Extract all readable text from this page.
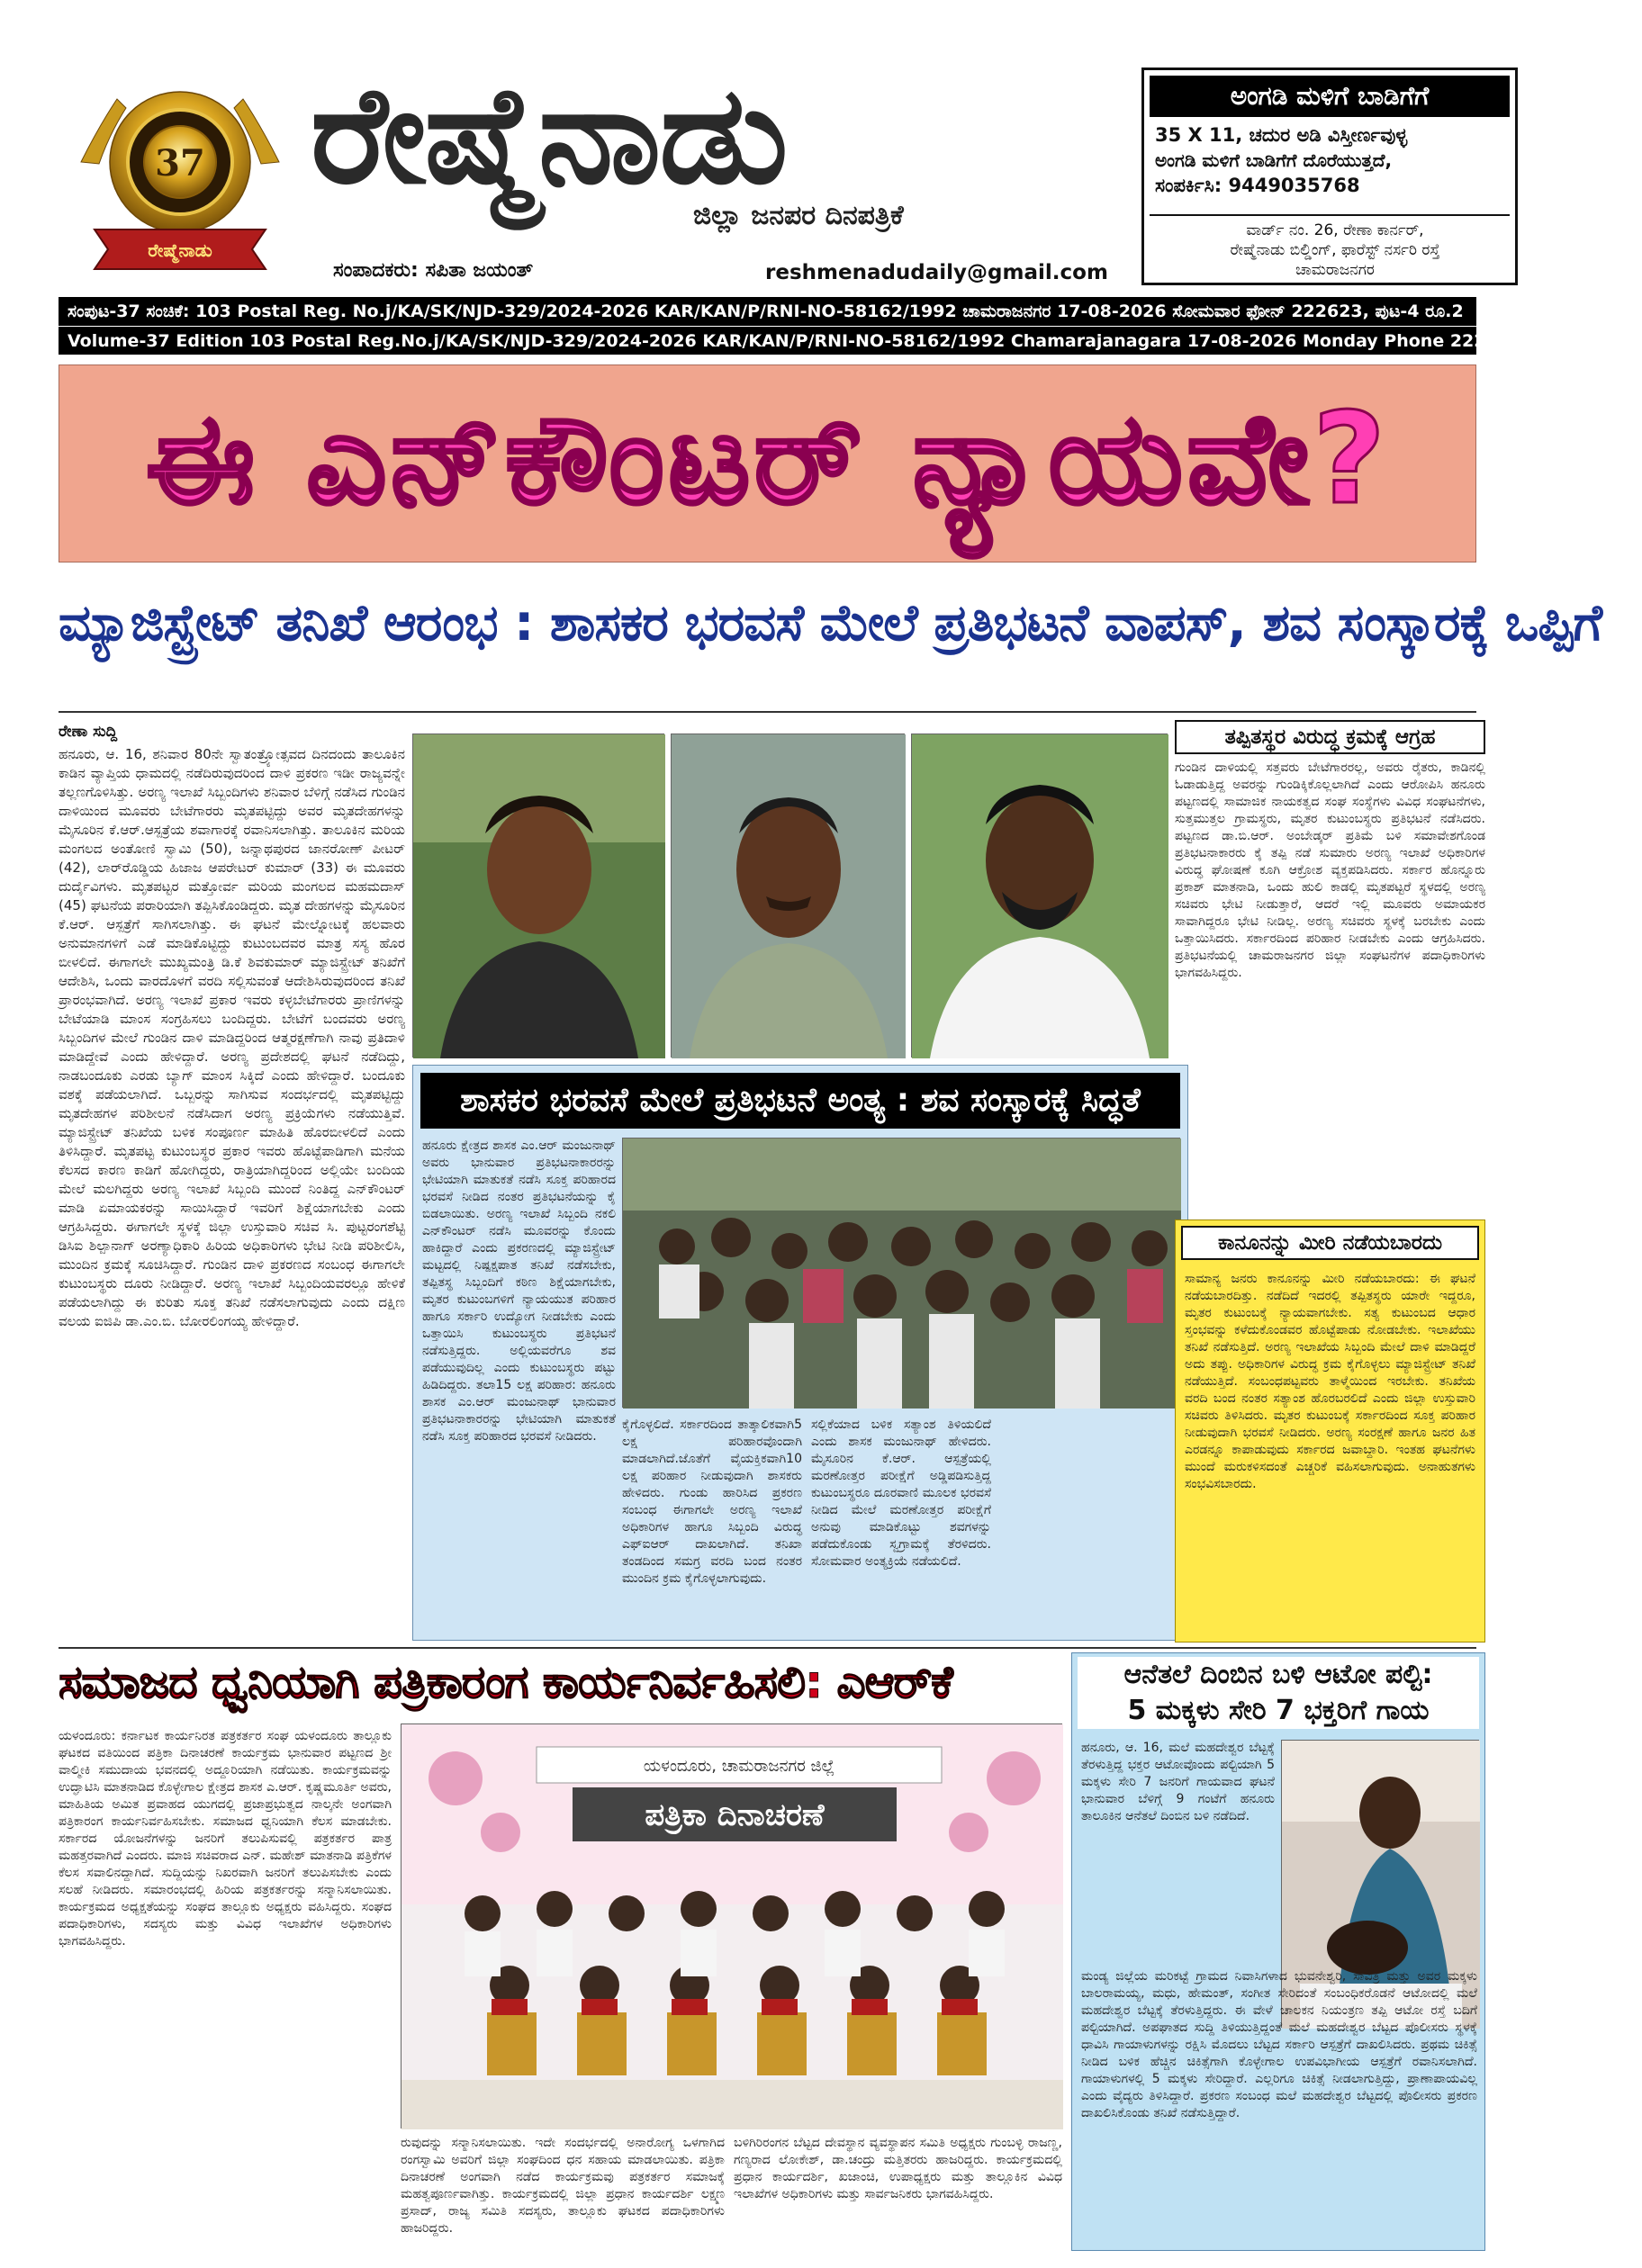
37
ರೇಷ್ಮೆನಾಡು
ರೇಷ್ಮೆನಾಡು
ಜಿಲ್ಲಾ ಜನಪರ ದಿನಪತ್ರಿಕೆ
ಸಂಪಾದಕರು: ಸಪಿತಾ ಜಯಂತ್	reshmenadudaily@gmail.com
ಅಂಗಡಿ ಮಳಿಗೆ ಬಾಡಿಗೆಗೆ
35 X 11, ಚದುರ ಅಡಿ ವಿಸ್ತೀರ್ಣವುಳ್ಳ
ಅಂಗಡಿ ಮಳಿಗೆ ಬಾಡಿಗೆಗೆ ದೊರೆಯುತ್ತದೆ,
ಸಂಪರ್ಕಿಸಿ: 9449035768
ವಾರ್ಡ್ ನಂ. 26, ರೇಣಾ ಕಾರ್ನರ್,
ರೇಷ್ಮೆನಾಡು ಬಿಲ್ಡಿಂಗ್, ಫಾರೆಸ್ಟ್ ನರ್ಸರಿ ರಸ್ತೆ
ಚಾಮರಾಜನಗರ
ಸಂಪುಟ-37 ಸಂಚಿಕೆ: 103 Postal Reg. No.j/KA/SK/NJD-329/2024-2026 KAR/KAN/P/RNI-NO-58162/1992 ಚಾಮರಾಜನಗರ 17-08-2026 ಸೋಮವಾರ ಫೋನ್ 222623, ಪುಟ-4 ರೂ.2
Volume-37 Edition 103 Postal Reg.No.j/KA/SK/NJD-329/2024-2026 KAR/KAN/P/RNI-NO-58162/1992 Chamarajanagara 17-08-2026 Monday Phone 222623 Page-4 Rs.2
ಈ ಎನ್‌ಕೌಂಟರ್ ನ್ಯಾಯವೇ?
ಮ್ಯಾಜಿಸ್ಟ್ರೇಟ್ ತನಿಖೆ ಆರಂಭ : ಶಾಸಕರ ಭರವಸೆ ಮೇಲೆ ಪ್ರತಿಭಟನೆ ವಾಪಸ್, ಶವ ಸಂಸ್ಕಾರಕ್ಕೆ ಒಪ್ಪಿಗೆ
ರೇಣಾ ಸುದ್ದಿ
ಹನೂರು, ಆ. 16, ಶನಿವಾರ 80ನೇ ಸ್ವಾತಂತ್ರ್ಯೋತ್ಸವದ ದಿನದಂದು ತಾಲೂಕಿನ ಕಾಡಿನ ವ್ಯಾಪ್ತಿಯ ಧಾಮದಲ್ಲಿ ನಡೆದಿರುವುದರಿಂದ ದಾಳಿ ಪ್ರಕರಣ ಇಡೀ ರಾಜ್ಯವನ್ನೇ ತಲ್ಲಣಗೊಳಿಸಿತ್ತು. ಅರಣ್ಯ ಇಲಾಖೆ ಸಿಬ್ಬಂದಿಗಳು ಶನಿವಾರ ಬೆಳಿಗ್ಗೆ ನಡೆಸಿದ ಗುಂಡಿನ ದಾಳಿಯಿಂದ ಮೂವರು ಬೇಟೆಗಾರರು ಮೃತಪಟ್ಟಿದ್ದು ಅವರ ಮೃತದೇಹಗಳನ್ನು ಮೈಸೂರಿನ ಕೆ.ಆರ್.ಆಸ್ಪತ್ರೆಯ ಶವಾಗಾರಕ್ಕೆ ರವಾನಿಸಲಾಗಿತ್ತು. ತಾಲೂಕಿನ ಮರಿಯ ಮಂಗಲದ ಅಂತೋಣಿ ಸ್ವಾಮಿ (50), ಜನ್ನಾಥಪುರದ ಜಾನರೋಣ್ ಪೀಟರ್ (42), ಲಾರ್‌ರೊಡ್ಡಿಯ ಹಿಜಾಜ ಆಪರೇಟರ್ ಕುಮಾರ್ (33) ಈ ಮೂವರು ದುರ್ದೈವಿಗಳು. ಮೃತಪಟ್ಟರ ಮತ್ತೋರ್ವ ಮರಿಯ ಮಂಗಲದ ಮಹಮದಾಸ್ (45) ಘಟನೆಯ ಪರಾರಿಯಾಗಿ ತಪ್ಪಿಸಿಕೊಂಡಿದ್ದರು. ಮೃತ ದೇಹಗಳನ್ನು ಮೈಸೂರಿನ ಕೆ.ಆರ್. ಆಸ್ಪತ್ರೆಗೆ ಸಾಗಿಸಲಾಗಿತ್ತು. ಈ ಘಟನೆ ಮೇಲ್ನೋಟಕ್ಕೆ ಹಲವಾರು ಅನುಮಾನಗಳಿಗೆ ಎಡೆ ಮಾಡಿಕೊಟ್ಟಿದ್ದು ಕುಟುಂಬದವರ ಮಾತ್ರ ಸಸ್ಯ ಹೊರ ಬೀಳಲಿದೆ. ಈಗಾಗಲೇ ಮುಖ್ಯಮಂತ್ರಿ ಡಿ.ಕೆ ಶಿವಕುಮಾರ್ ಮ್ಯಾಜಿಸ್ಟ್ರೇಟ್ ತನಿಖೆಗೆ ಆದೇಶಿಸಿ, ಒಂದು ವಾರದೊಳಗೆ ವರದಿ ಸಲ್ಲಿಸುವಂತೆ ಆದೇಶಿಸಿರುವುದರಿಂದ ತನಿಖೆ ಪ್ರಾರಂಭವಾಗಿದೆ. ಅರಣ್ಯ ಇಲಾಖೆ ಪ್ರಕಾರ ಇವರು ಕಳ್ಳಬೇಟೆಗಾರರು ಪ್ರಾಣಿಗಳನ್ನು ಬೇಟೆಯಾಡಿ ಮಾಂಸ ಸಂಗ್ರಹಿಸಲು ಬಂದಿದ್ದರು. ಬೇಟೆಗೆ ಬಂದವರು ಅರಣ್ಯ ಸಿಬ್ಬಂದಿಗಳ ಮೇಲೆ ಗುಂಡಿನ ದಾಳಿ ಮಾಡಿದ್ದರಿಂದ ಆತ್ಮರಕ್ಷಣೆಗಾಗಿ ನಾವು ಪ್ರತಿದಾಳಿ ಮಾಡಿದ್ದೇವೆ ಎಂದು ಹೇಳಿದ್ದಾರೆ. ಅರಣ್ಯ ಪ್ರದೇಶದಲ್ಲಿ ಘಟನೆ ನಡೆದಿದ್ದು, ನಾಡಬಂದೂಕು ಎರಡು ಬ್ಯಾಗ್ ಮಾಂಸ ಸಿಕ್ಕಿದೆ ಎಂದು ಹೇಳಿದ್ದಾರೆ. ಬಂದೂಕು ವಶಕ್ಕೆ ಪಡೆಯಲಾಗಿದೆ. ಒಬ್ಬರನ್ನು ಸಾಗಿಸುವ ಸಂದರ್ಭದಲ್ಲಿ ಮೃತಪಟ್ಟಿದ್ದು ಮೃತದೇಹಗಳ ಪರಿಶೀಲನೆ ನಡೆಸಿದಾಗ ಅರಣ್ಯ ಪ್ರಕ್ರಿಯೆಗಳು ನಡೆಯುತ್ತಿವೆ. ಮ್ಯಾಜಿಸ್ಟ್ರೇಟ್ ತನಿಖೆಯ ಬಳಿಕ ಸಂಪೂರ್ಣ ಮಾಹಿತಿ ಹೊರಬೀಳಲಿದೆ ಎಂದು ತಿಳಿಸಿದ್ದಾರೆ. ಮೃತಪಟ್ಟ ಕುಟುಂಬಸ್ಥರ ಪ್ರಕಾರ ಇವರು ಹೊಟ್ಟೆಪಾಡಿಗಾಗಿ ಮನೆಯ ಕೆಲಸದ ಕಾರಣ ಕಾಡಿಗೆ ಹೋಗಿದ್ದರು, ರಾತ್ರಿಯಾಗಿದ್ದರಿಂದ ಅಲ್ಲಿಯೇ ಬಂದಿಯ ಮೇಲೆ ಮಲಗಿದ್ದರು ಅರಣ್ಯ ಇಲಾಖೆ ಸಿಬ್ಬಂದಿ ಮುಂದೆ ನಿಂತಿದ್ದ ಎನ್‌ಕೌಂಟರ್ ಮಾಡಿ ಏಮಾಯಕರನ್ನು ಸಾಯಿಸಿದ್ದಾರೆ ಇವರಿಗೆ ಶಿಕ್ಷೆಯಾಗಬೇಕು ಎಂದು ಆಗ್ರಹಿಸಿದ್ದರು. ಈಗಾಗಲೇ ಸ್ಥಳಕ್ಕೆ ಜಿಲ್ಲಾ ಉಸ್ತುವಾರಿ ಸಚಿವ ಸಿ. ಪುಟ್ಟರಂಗಶೆಟ್ಟಿ ಡಿಸಿಐ ಶಿಲ್ಪಾನಾಗ್ ಅರಣ್ಯಾಧಿಕಾರಿ ಹಿರಿಯ ಅಧಿಕಾರಿಗಳು ಭೇಟಿ ನೀಡಿ ಪರಿಶೀಲಿಸಿ, ಮುಂದಿನ ಕ್ರಮಕ್ಕೆ ಸೂಚಿಸಿದ್ದಾರೆ. ಗುಂಡಿನ ದಾಳಿ ಪ್ರಕರಣದ ಸಂಬಂಧ ಈಗಾಗಲೇ ಕುಟುಂಬಸ್ಥರು ದೂರು ನೀಡಿದ್ದಾರೆ. ಅರಣ್ಯ ಇಲಾಖೆ ಸಿಬ್ಬಂದಿಯವರಲ್ಲೂ ಹೇಳಿಕೆ ಪಡೆಯಲಾಗಿದ್ದು ಈ ಕುರಿತು ಸೂಕ್ತ ತನಿಖೆ ನಡೆಸಲಾಗುವುದು ಎಂದು ದಕ್ಷಿಣ ವಲಯ ಐಜಿಪಿ ಡಾ.ಎಂ.ಬಿ. ಬೋರಲಿಂಗಯ್ಯ ಹೇಳಿದ್ದಾರೆ.
ಶಾಸಕರ ಭರವಸೆ ಮೇಲೆ ಪ್ರತಿಭಟನೆ ಅಂತ್ಯ : ಶವ ಸಂಸ್ಕಾರಕ್ಕೆ ಸಿದ್ಧತೆ
ಹನೂರು ಕ್ಷೇತ್ರದ ಶಾಸಕ ಎಂ.ಆರ್ ಮಂಜುನಾಥ್ ಅವರು ಭಾನುವಾರ ಪ್ರತಿಭಟನಾಕಾರರನ್ನು ಭೇಟಿಯಾಗಿ ಮಾತುಕತೆ ನಡೆಸಿ ಸೂಕ್ತ ಪರಿಹಾರದ ಭರವಸೆ ನೀಡಿದ ನಂತರ ಪ್ರತಿಭಟನೆಯನ್ನು ಕೈ ಬಿಡಲಾಯಿತು. ಅರಣ್ಯ ಇಲಾಖೆ ಸಿಬ್ಬಂದಿ ನಕಲಿ ಎನ್‌ಕೌಂಟರ್ ನಡೆಸಿ ಮೂವರನ್ನು ಕೊಂದು ಹಾಕಿದ್ದಾರೆ ಎಂದು ಪ್ರಕರಣದಲ್ಲಿ ಮ್ಯಾಜಿಸ್ಟ್ರೇಟ್ ಮಟ್ಟದಲ್ಲಿ ನಿಷ್ಪಕ್ಷಪಾತ ತನಿಖೆ ನಡೆಸಬೇಕು, ತಪ್ಪಿತಸ್ಥ ಸಿಬ್ಬಂದಿಗೆ ಕಠಿಣ ಶಿಕ್ಷೆಯಾಗಬೇಕು, ಮೃತರ ಕುಟುಂಬಗಳಿಗೆ ನ್ಯಾಯಯುತ ಪರಿಹಾರ ಹಾಗೂ ಸರ್ಕಾರಿ ಉದ್ಯೋಗ ನೀಡಬೇಕು ಎಂದು ಒತ್ತಾಯಿಸಿ ಕುಟುಂಬಸ್ಥರು ಪ್ರತಿಭಟನೆ ನಡೆಸುತ್ತಿದ್ದರು. ಅಲ್ಲಿಯವರೆಗೂ ಶವ ಪಡೆಯುವುದಿಲ್ಲ ಎಂದು ಕುಟುಂಬಸ್ಥರು ಪಟ್ಟು ಹಿಡಿದಿದ್ದರು. ತಲಾ15 ಲಕ್ಷ ಪರಿಹಾರ: ಹನೂರು ಶಾಸಕ ಎಂ.ಆರ್ ಮಂಜುನಾಥ್ ಭಾನುವಾರ ಪ್ರತಿಭಟನಾಕಾರರನ್ನು ಭೇಟಿಯಾಗಿ ಮಾತುಕತೆ ನಡೆಸಿ ಸೂಕ್ತ ಪರಿಹಾರದ ಭರವಸೆ ನೀಡಿದರು.
ಕೈಗೊಳ್ಳಲಿದೆ. ಸರ್ಕಾರದಿಂದ ತಾತ್ಕಾಲಿಕವಾಗಿ5 ಲಕ್ಷ ಪರಿಹಾರವೊಂದಾಗಿ ಮಾಡಲಾಗಿದೆ.ಜೊತೆಗೆ ವೈಯಕ್ತಿಕವಾಗಿ10 ಲಕ್ಷ ಪರಿಹಾರ ನೀಡುವುದಾಗಿ ಶಾಸಕರು ಹೇಳಿದರು. ಗುಂಡು ಹಾರಿಸಿದ ಪ್ರಕರಣ ಸಂಬಂಧ ಈಗಾಗಲೇ ಅರಣ್ಯ ಇಲಾಖೆ ಅಧಿಕಾರಿಗಳ ಹಾಗೂ ಸಿಬ್ಬಂದಿ ವಿರುದ್ಧ ಎಫ್‌ಐಆರ್ ದಾಖಲಾಗಿದೆ. ತನಿಖಾ ತಂಡದಿಂದ ಸಮಗ್ರ ವರದಿ ಬಂದ ನಂತರ ಮುಂದಿನ ಕ್ರಮ ಕೈಗೊಳ್ಳಲಾಗುವುದು.
ಸಲ್ಲಿಕೆಯಾದ ಬಳಿಕ ಸತ್ಯಾಂಶ ತಿಳಿಯಲಿದೆ ಎಂದು ಶಾಸಕ ಮಂಜುನಾಥ್ ಹೇಳಿದರು. ಮೈಸೂರಿನ ಕೆ.ಆರ್. ಆಸ್ಪತ್ರೆಯಲ್ಲಿ ಮರಣೋತ್ತರ ಪರೀಕ್ಷೆಗೆ ಅಡ್ಡಿಪಡಿಸುತ್ತಿದ್ದ ಕುಟುಂಬಸ್ಥರೂ ದೂರವಾಣಿ ಮೂಲಕ ಭರವಸೆ ನೀಡಿದ ಮೇಲೆ ಮರಣೋತ್ತರ ಪರೀಕ್ಷೆಗೆ ಅನುವು ಮಾಡಿಕೊಟ್ಟು ಶವಗಳನ್ನು ಪಡೆದುಕೊಂಡು ಸ್ವಗ್ರಾಮಕ್ಕೆ ತೆರಳಿದರು. ಸೋಮವಾರ ಅಂತ್ಯಕ್ರಿಯೆ ನಡೆಯಲಿದೆ.
ತಪ್ಪಿತಸ್ಥರ ವಿರುದ್ಧ ಕ್ರಮಕ್ಕೆ ಆಗ್ರಹ
ಗುಂಡಿನ ದಾಳಿಯಲ್ಲಿ ಸತ್ತವರು ಬೇಟೆಗಾರರಲ್ಲ, ಅವರು ರೈತರು, ಕಾಡಿನಲ್ಲಿ ಓಡಾಡುತ್ತಿದ್ದ ಅವರನ್ನು ಗುಂಡಿಕ್ಕಿಕೊಲ್ಲಲಾಗಿದೆ ಎಂದು ಆರೋಪಿಸಿ ಹನೂರು ಪಟ್ಟಣದಲ್ಲಿ ಸಾಮಾಜಿಕ ನಾಯಕತ್ವದ ಸಂಘ ಸಂಸ್ಥೆಗಳು ವಿವಿಧ ಸಂಘಟನೆಗಳು, ಸುತ್ತಮುತ್ತಲ ಗ್ರಾಮಸ್ಥರು, ಮೃತರ ಕುಟುಂಬಸ್ಥರು ಪ್ರತಿಭಟನೆ ನಡೆಸಿದರು. ಪಟ್ಟಣದ ಡಾ.ಬಿ.ಆರ್. ಅಂಬೇಡ್ಕರ್ ಪ್ರತಿಮೆ ಬಳಿ ಸಮಾವೇಶಗೊಂಡ ಪ್ರತಿಭಟನಾಕಾರರು ಕೈ ತಪ್ಪಿ ನಡೆ ಸುಮಾರು ಅರಣ್ಯ ಇಲಾಖೆ ಅಧಿಕಾರಿಗಳ ವಿರುದ್ಧ ಘೋಷಣೆ ಕೂಗಿ ಆಕ್ರೋಶ ವ್ಯಕ್ತಪಡಿಸಿದರು. ಸರ್ಕಾರ ಹೊನ್ನೂರು ಪ್ರಕಾಶ್ ಮಾತನಾಡಿ, ಒಂದು ಹುಲಿ ಕಾಡಲ್ಲಿ ಮೃತಪಟ್ಟರೆ ಸ್ಥಳದಲ್ಲಿ ಅರಣ್ಯ ಸಚಿವರು ಭೇಟಿ ನೀಡುತ್ತಾರೆ, ಆದರೆ ಇಲ್ಲಿ ಮೂವರು ಅಮಾಯಕರ ಸಾವಾಗಿದ್ದರೂ ಭೇಟಿ ನೀಡಿಲ್ಲ. ಅರಣ್ಯ ಸಚಿವರು ಸ್ಥಳಕ್ಕೆ ಬರಬೇಕು ಎಂದು ಒತ್ತಾಯಿಸಿದರು. ಸರ್ಕಾರದಿಂದ ಪರಿಹಾರ ನೀಡಬೇಕು ಎಂದು ಆಗ್ರಹಿಸಿದರು. ಪ್ರತಿಭಟನೆಯಲ್ಲಿ ಚಾಮರಾಜನಗರ ಜಿಲ್ಲಾ ಸಂಘಟನೆಗಳ ಪದಾಧಿಕಾರಿಗಳು ಭಾಗವಹಿಸಿದ್ದರು.
ಕಾನೂನನ್ನು ಮೀರಿ ನಡೆಯಬಾರದು
ಸಾಮಾನ್ಯ ಜನರು ಕಾನೂನನ್ನು ಮೀರಿ ನಡೆಯಬಾರದು: ಈ ಘಟನೆ ನಡೆಯಬಾರದಿತ್ತು. ನಡೆದಿದೆ ಇದರಲ್ಲಿ ತಪ್ಪಿತಸ್ಥರು ಯಾರೇ ಇದ್ದರೂ, ಮೃತರ ಕುಟುಂಬಕ್ಕೆ ನ್ಯಾಯವಾಗಬೇಕು. ಸತ್ಯ ಕುಟುಂಬದ ಆಧಾರ ಸ್ತಂಭವನ್ನು ಕಳೆದುಕೊಂಡವರ ಹೊಟ್ಟೆಪಾಡು ನೋಡಬೇಕು. ಇಲಾಖೆಯು ತನಿಖೆ ನಡೆಸುತ್ತಿದೆ. ಅರಣ್ಯ ಇಲಾಖೆಯ ಸಿಬ್ಬಂದಿ ಮೇಲೆ ದಾಳಿ ಮಾಡಿದ್ದರೆ ಅದು ತಪ್ಪು. ಅಧಿಕಾರಿಗಳ ವಿರುದ್ಧ ಕ್ರಮ ಕೈಗೊಳ್ಳಲು ಮ್ಯಾಜಿಸ್ಟ್ರೇಟ್ ತನಿಖೆ ನಡೆಯುತ್ತಿದೆ. ಸಂಬಂಧಪಟ್ಟವರು ತಾಳ್ಮೆಯಿಂದ ಇರಬೇಕು. ತನಿಖೆಯ ವರದಿ ಬಂದ ನಂತರ ಸತ್ಯಾಂಶ ಹೊರಬರಲಿದೆ ಎಂದು ಜಿಲ್ಲಾ ಉಸ್ತುವಾರಿ ಸಚಿವರು ತಿಳಿಸಿದರು. ಮೃತರ ಕುಟುಂಬಕ್ಕೆ ಸರ್ಕಾರದಿಂದ ಸೂಕ್ತ ಪರಿಹಾರ ನೀಡುವುದಾಗಿ ಭರವಸೆ ನೀಡಿದರು. ಅರಣ್ಯ ಸಂರಕ್ಷಣೆ ಹಾಗೂ ಜನರ ಹಿತ ಎರಡನ್ನೂ ಕಾಪಾಡುವುದು ಸರ್ಕಾರದ ಜವಾಬ್ದಾರಿ. ಇಂತಹ ಘಟನೆಗಳು ಮುಂದೆ ಮರುಕಳಿಸದಂತೆ ಎಚ್ಚರಿಕೆ ವಹಿಸಲಾಗುವುದು. ಅನಾಹುತಗಳು ಸಂಭವಿಸಬಾರದು.
ಸಮಾಜದ ಧ್ವನಿಯಾಗಿ ಪತ್ರಿಕಾರಂಗ ಕಾರ್ಯನಿರ್ವಹಿಸಲಿ: ಎಆರ್‌ಕೆ
ಯಳಂದೂರು: ಕರ್ನಾಟಕ ಕಾರ್ಯನಿರತ ಪತ್ರಕರ್ತರ ಸಂಘ ಯಳಂದೂರು ತಾಲ್ಲೂಕು ಘಟಕದ ವತಿಯಿಂದ ಪತ್ರಿಕಾ ದಿನಾಚರಣೆ ಕಾರ್ಯಕ್ರಮ ಭಾನುವಾರ ಪಟ್ಟಣದ ಶ್ರೀ ವಾಲ್ಮೀಕಿ ಸಮುದಾಯ ಭವನದಲ್ಲಿ ಅದ್ದೂರಿಯಾಗಿ ನಡೆಯಿತು. ಕಾರ್ಯಕ್ರಮವನ್ನು ಉದ್ಘಾಟಿಸಿ ಮಾತನಾಡಿದ ಕೊಳ್ಳೇಗಾಲ ಕ್ಷೇತ್ರದ ಶಾಸಕ ಎ.ಆರ್. ಕೃಷ್ಣಮೂರ್ತಿ ಅವರು, ಮಾಹಿತಿಯ ಅಮಿತ ಪ್ರವಾಹದ ಯುಗದಲ್ಲಿ ಪ್ರಜಾಪ್ರಭುತ್ವದ ನಾಲ್ಕನೇ ಅಂಗವಾಗಿ ಪತ್ರಿಕಾರಂಗ ಕಾರ್ಯನಿರ್ವಹಿಸಬೇಕು. ಸಮಾಜದ ಧ್ವನಿಯಾಗಿ ಕೆಲಸ ಮಾಡಬೇಕು. ಸರ್ಕಾರದ ಯೋಜನೆಗಳನ್ನು ಜನರಿಗೆ ತಲುಪಿಸುವಲ್ಲಿ ಪತ್ರಕರ್ತರ ಪಾತ್ರ ಮಹತ್ತರವಾಗಿದೆ ಎಂದರು. ಮಾಜಿ ಸಚಿವರಾದ ಎನ್. ಮಹೇಶ್ ಮಾತನಾಡಿ ಪತ್ರಿಕೆಗಳ ಕೆಲಸ ಸವಾಲಿನದ್ದಾಗಿದೆ. ಸುದ್ದಿಯನ್ನು ನಿಖರವಾಗಿ ಜನರಿಗೆ ತಲುಪಿಸಬೇಕು ಎಂದು ಸಲಹೆ ನೀಡಿದರು. ಸಮಾರಂಭದಲ್ಲಿ ಹಿರಿಯ ಪತ್ರಕರ್ತರನ್ನು ಸನ್ಮಾನಿಸಲಾಯಿತು. ಕಾರ್ಯಕ್ರಮದ ಅಧ್ಯಕ್ಷತೆಯನ್ನು ಸಂಘದ ತಾಲ್ಲೂಕು ಅಧ್ಯಕ್ಷರು ವಹಿಸಿದ್ದರು. ಸಂಘದ ಪದಾಧಿಕಾರಿಗಳು, ಸದಸ್ಯರು ಮತ್ತು ವಿವಿಧ ಇಲಾಖೆಗಳ ಅಧಿಕಾರಿಗಳು ಭಾಗವಹಿಸಿದ್ದರು.
ಯಳಂದೂರು, ಚಾಮರಾಜನಗರ ಜಿಲ್ಲೆ
ಪತ್ರಿಕಾ ದಿನಾಚರಣೆ
ರುವುದನ್ನು ಸನ್ಮಾನಿಸಲಾಯಿತು. ಇದೇ ಸಂದರ್ಭದಲ್ಲಿ ಅನಾರೋಗ್ಯ ಒಳಗಾಗಿದ ರಂಗಸ್ವಾಮಿ ಅವರಿಗೆ ಜಿಲ್ಲಾ ಸಂಘದಿಂದ ಧನ ಸಹಾಯ ಮಾಡಲಾಯಿತು. ಪತ್ರಿಕಾ ದಿನಾಚರಣೆ ಅಂಗವಾಗಿ ನಡೆದ ಕಾರ್ಯಕ್ರಮವು ಪತ್ರಕರ್ತರ ಸಮಾಜಕ್ಕೆ ಮಹತ್ವಪೂರ್ಣವಾಗಿತ್ತು. ಕಾರ್ಯಕ್ರಮದಲ್ಲಿ ಜಿಲ್ಲಾ ಪ್ರಧಾನ ಕಾರ್ಯದರ್ಶಿ ಲಕ್ಷ್ಮಣ ಪ್ರಸಾದ್, ರಾಜ್ಯ ಸಮಿತಿ ಸದಸ್ಯರು, ತಾಲ್ಲೂಕು ಘಟಕದ ಪದಾಧಿಕಾರಿಗಳು ಹಾಜರಿದ್ದರು.
ಬಳಿಗಿರಿರಂಗನ ಬೆಟ್ಟದ ದೇವಸ್ಥಾನ ವ್ಯವಸ್ಥಾಪನ ಸಮಿತಿ ಅಧ್ಯಕ್ಷರು ಗುಂಬಳ್ಳಿ ರಾಜಣ್ಣ, ಗಣ್ಯರಾದ ಲೋಕೇಶ್, ಡಾ.ಚಂದ್ರು ಮತ್ತಿತರರು ಹಾಜರಿದ್ದರು. ಕಾರ್ಯಕ್ರಮದಲ್ಲಿ ಪ್ರಧಾನ ಕಾರ್ಯದರ್ಶಿ, ಖಜಾಂಚಿ, ಉಪಾಧ್ಯಕ್ಷರು ಮತ್ತು ತಾಲ್ಲೂಕಿನ ವಿವಿಧ ಇಲಾಖೆಗಳ ಅಧಿಕಾರಿಗಳು ಮತ್ತು ಸಾರ್ವಜನಿಕರು ಭಾಗವಹಿಸಿದ್ದರು.
ಆನೆತಲೆ ದಿಂಬಿನ ಬಳಿ ಆಟೋ ಪಲ್ಟಿ:
5 ಮಕ್ಕಳು ಸೇರಿ 7 ಭಕ್ತರಿಗೆ ಗಾಯ
ಹನೂರು, ಆ. 16, ಮಲೆ ಮಹದೇಶ್ವರ ಬೆಟ್ಟಕ್ಕೆ ತೆರಳುತ್ತಿದ್ದ ಭಕ್ತರ ಆಟೋವೊಂದು ಪಲ್ಟಿಯಾಗಿ 5 ಮಕ್ಕಳು ಸೇರಿ 7 ಜನರಿಗೆ ಗಾಯವಾದ ಘಟನೆ ಭಾನುವಾರ ಬೆಳಿಗ್ಗೆ 9 ಗಂಟೆಗೆ ಹನೂರು ತಾಲೂಕಿನ ಆನೆತಲೆ ದಿಂಬಿನ ಬಳಿ ನಡೆದಿದೆ.
ಮಂಡ್ಯ ಜಿಲ್ಲೆಯ ಮರಿಕಟ್ಟೆ ಗ್ರಾಮದ ನಿವಾಸಿಗಳಾದ ಭುವನೇಶ್ವರಿ, ಸಾವಿತ್ರಿ ಮತ್ತು ಅವರ ಮಕ್ಕಳು ಬಾಲರಾಮಯ್ಯ, ಮಧು, ಹೇಮಂತ್, ಸಂಗೀತ ಸೇರಿದಂತೆ ಸಂಬಂಧಿಕರೊಡನೆ ಆಟೋದಲ್ಲಿ ಮಲೆ ಮಹದೇಶ್ವರ ಬೆಟ್ಟಕ್ಕೆ ತೆರಳುತ್ತಿದ್ದರು. ಈ ವೇಳೆ ಚಾಲಕನ ನಿಯಂತ್ರಣ ತಪ್ಪಿ ಆಟೋ ರಸ್ತೆ ಬದಿಗೆ ಪಲ್ಟಿಯಾಗಿದೆ. ಅಪಘಾತದ ಸುದ್ದಿ ತಿಳಿಯುತ್ತಿದ್ದಂತೆ ಮಲೆ ಮಹದೇಶ್ವರ ಬೆಟ್ಟದ ಪೊಲೀಸರು ಸ್ಥಳಕ್ಕೆ ಧಾವಿಸಿ ಗಾಯಾಳುಗಳನ್ನು ರಕ್ಷಿಸಿ ಮೊದಲು ಬೆಟ್ಟದ ಸರ್ಕಾರಿ ಆಸ್ಪತ್ರೆಗೆ ದಾಖಲಿಸಿದರು. ಪ್ರಥಮ ಚಿಕಿತ್ಸೆ ನೀಡಿದ ಬಳಿಕ ಹೆಚ್ಚಿನ ಚಿಕಿತ್ಸೆಗಾಗಿ ಕೊಳ್ಳೇಗಾಲ ಉಪವಿಭಾಗೀಯ ಆಸ್ಪತ್ರೆಗೆ ರವಾನಿಸಲಾಗಿದೆ. ಗಾಯಾಳುಗಳಲ್ಲಿ 5 ಮಕ್ಕಳು ಸೇರಿದ್ದಾರೆ. ಎಲ್ಲರಿಗೂ ಚಿಕಿತ್ಸೆ ನೀಡಲಾಗುತ್ತಿದ್ದು, ಪ್ರಾಣಾಪಾಯವಿಲ್ಲ ಎಂದು ವೈದ್ಯರು ತಿಳಿಸಿದ್ದಾರೆ. ಪ್ರಕರಣ ಸಂಬಂಧ ಮಲೆ ಮಹದೇಶ್ವರ ಬೆಟ್ಟದಲ್ಲಿ ಪೊಲೀಸರು ಪ್ರಕರಣ ದಾಖಲಿಸಿಕೊಂಡು ತನಿಖೆ ನಡೆಸುತ್ತಿದ್ದಾರೆ.
